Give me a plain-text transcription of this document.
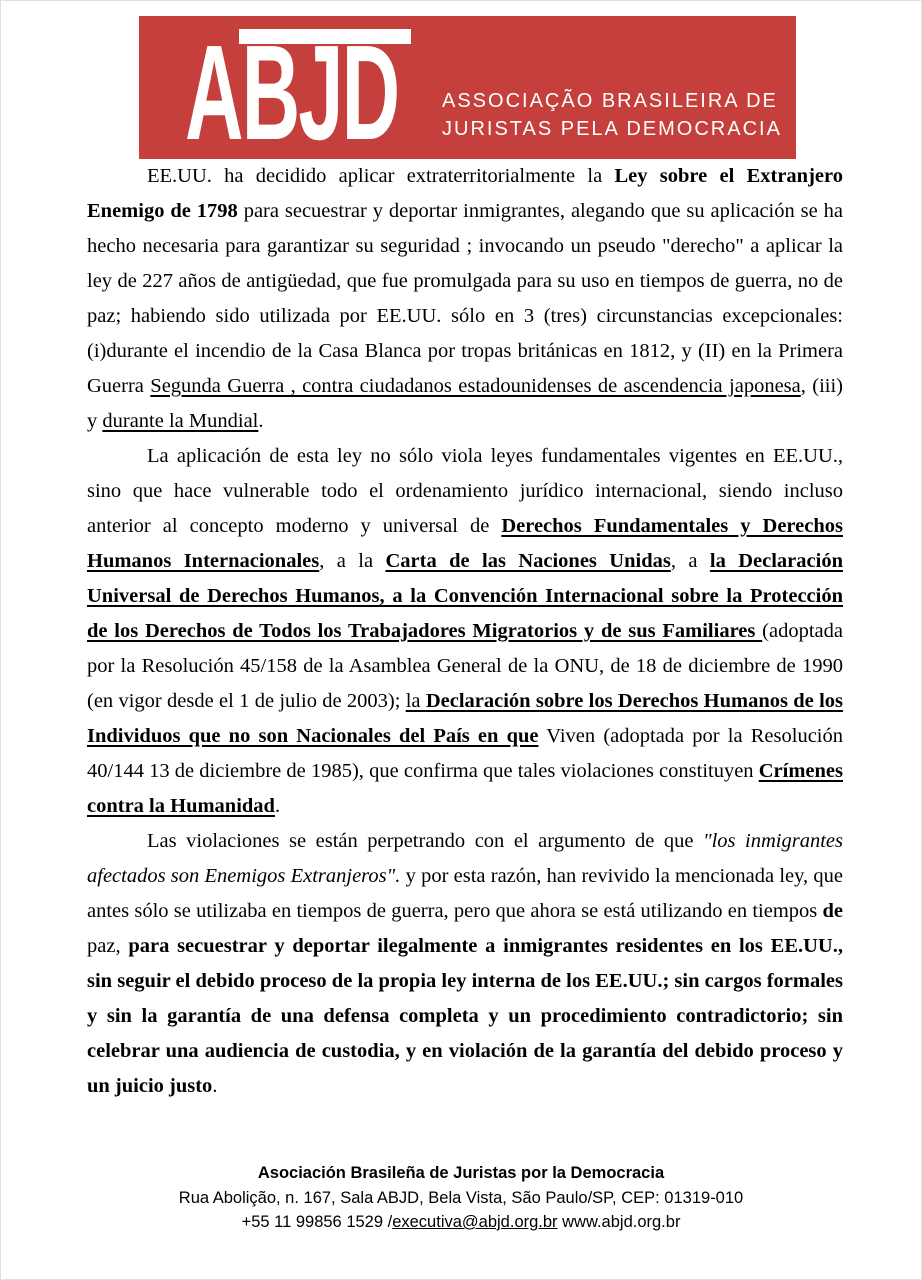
ABJD ASSOCIAÇÃO BRASILEIRA DE
JURISTAS PELA DEMOCRACIA

EE.UU. ha decidido aplicar extraterritorialmente la Ley sobre el Extranjero Enemigo de 1798 para secuestrar y deportar inmigrantes, alegando que su aplicación se ha hecho necesaria para garantizar su seguridad ; invocando un pseudo "derecho" a aplicar la ley de 227 años de antigüedad, que fue promulgada para su uso en tiempos de guerra, no de paz; habiendo sido utilizada por EE.UU. sólo en 3 (tres) circunstancias excepcionales: (i)durante el incendio de la Casa Blanca por tropas británicas en 1812, y (II) en la Primera Guerra Segunda Guerra , contra ciudadanos estadounidenses de ascendencia japonesa, (iii) y durante la Mundial.

La aplicación de esta ley no sólo viola leyes fundamentales vigentes en EE.UU., sino que hace vulnerable todo el ordenamiento jurídico internacional, siendo incluso anterior al concepto moderno y universal de Derechos Fundamentales y Derechos Humanos Internacionales, a la Carta de las Naciones Unidas, a la Declaración Universal de Derechos Humanos, a la Convención Internacional sobre la Protección de los Derechos de Todos los Trabajadores Migratorios y de sus Familiares (adoptada por la Resolución 45/158 de la Asamblea General de la ONU, de 18 de diciembre de 1990 (en vigor desde el 1 de julio de 2003); la Declaración sobre los Derechos Humanos de los Individuos que no son Nacionales del País en que Viven (adoptada por la Resolución 40/144 13 de diciembre de 1985), que confirma que tales violaciones constituyen Crímenes contra la Humanidad.

Las violaciones se están perpetrando con el argumento de que "los inmigrantes afectados son Enemigos Extranjeros". y por esta razón, han revivido la mencionada ley, que antes sólo se utilizaba en tiempos de guerra, pero que ahora se está utilizando en tiempos de paz, para secuestrar y deportar ilegalmente a inmigrantes residentes en los EE.UU., sin seguir el debido proceso de la propia ley interna de los EE.UU.; sin cargos formales y sin la garantía de una defensa completa y un procedimiento contradictorio; sin celebrar una audiencia de custodia, y en violación de la garantía del debido proceso y un juicio justo.

Asociación Brasileña de Juristas por la Democracia
Rua Abolição, n. 167, Sala ABJD, Bela Vista, São Paulo/SP, CEP: 01319-010
+55 11 99856 1529 /executiva@abjd.org.br www.abjd.org.br
